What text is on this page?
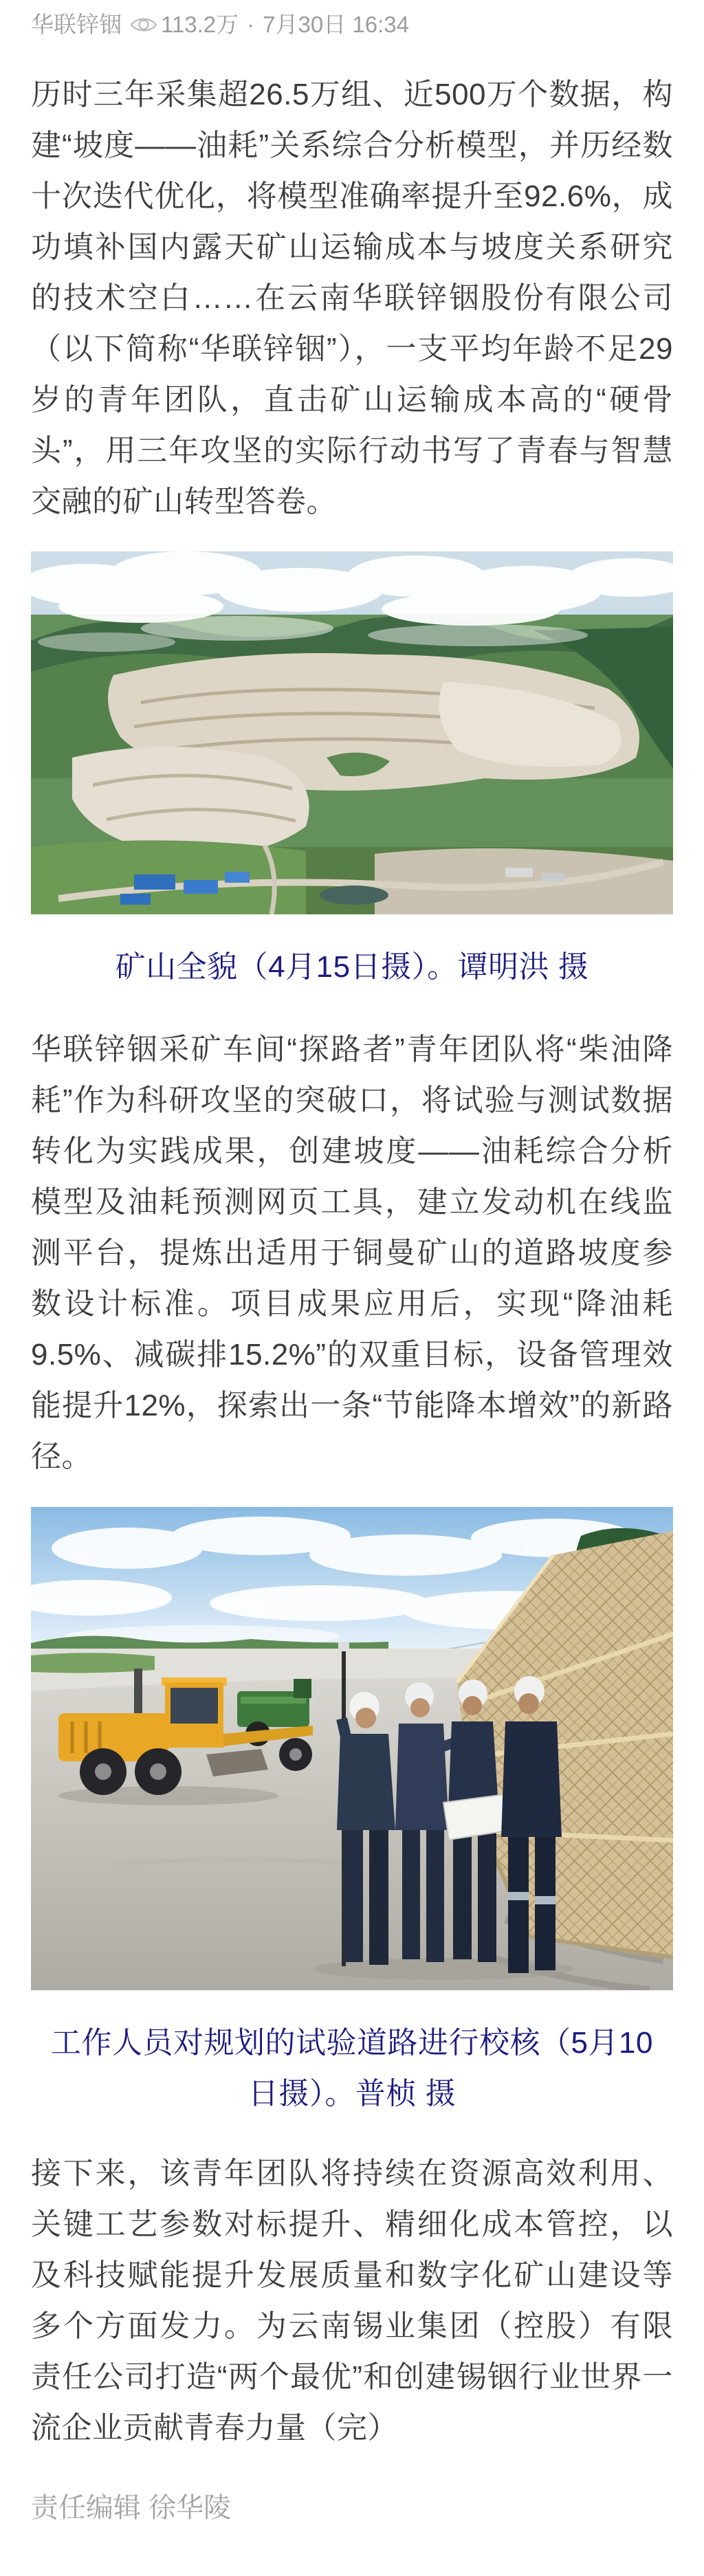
华联锌铟 113.2万 · 7月30日 16:34

历时三年采集超26.5万组、近500万个数据，构建“坡度——油耗”关系综合分析模型，并历经数十次迭代优化，将模型准确率提升至92.6%，成功填补国内露天矿山运输成本与坡度关系研究的技术空白……在云南华联锌铟股份有限公司（以下简称“华联锌铟”），一支平均年龄不足29岁的青年团队，直击矿山运输成本高的“硬骨头”，用三年攻坚的实际行动书写了青春与智慧交融的矿山转型答卷。

矿山全貌（4月15日摄）。谭明洪 摄

华联锌铟采矿车间“探路者”青年团队将“柴油降耗”作为科研攻坚的突破口，将试验与测试数据转化为实践成果，创建坡度——油耗综合分析模型及油耗预测网页工具，建立发动机在线监测平台，提炼出适用于铜曼矿山的道路坡度参数设计标准。项目成果应用后，实现“降油耗9.5%、减碳排15.2%”的双重目标，设备管理效能提升12%，探索出一条“节能降本增效”的新路径。

工作人员对规划的试验道路进行校核（5月10日摄）。普桢 摄

接下来，该青年团队将持续在资源高效利用、关键工艺参数对标提升、精细化成本管控，以及科技赋能提升发展质量和数字化矿山建设等多个方面发力。为云南锡业集团（控股）有限责任公司打造“两个最优”和创建锡铟行业世界一流企业贡献青春力量（完）

责任编辑 徐华陵
